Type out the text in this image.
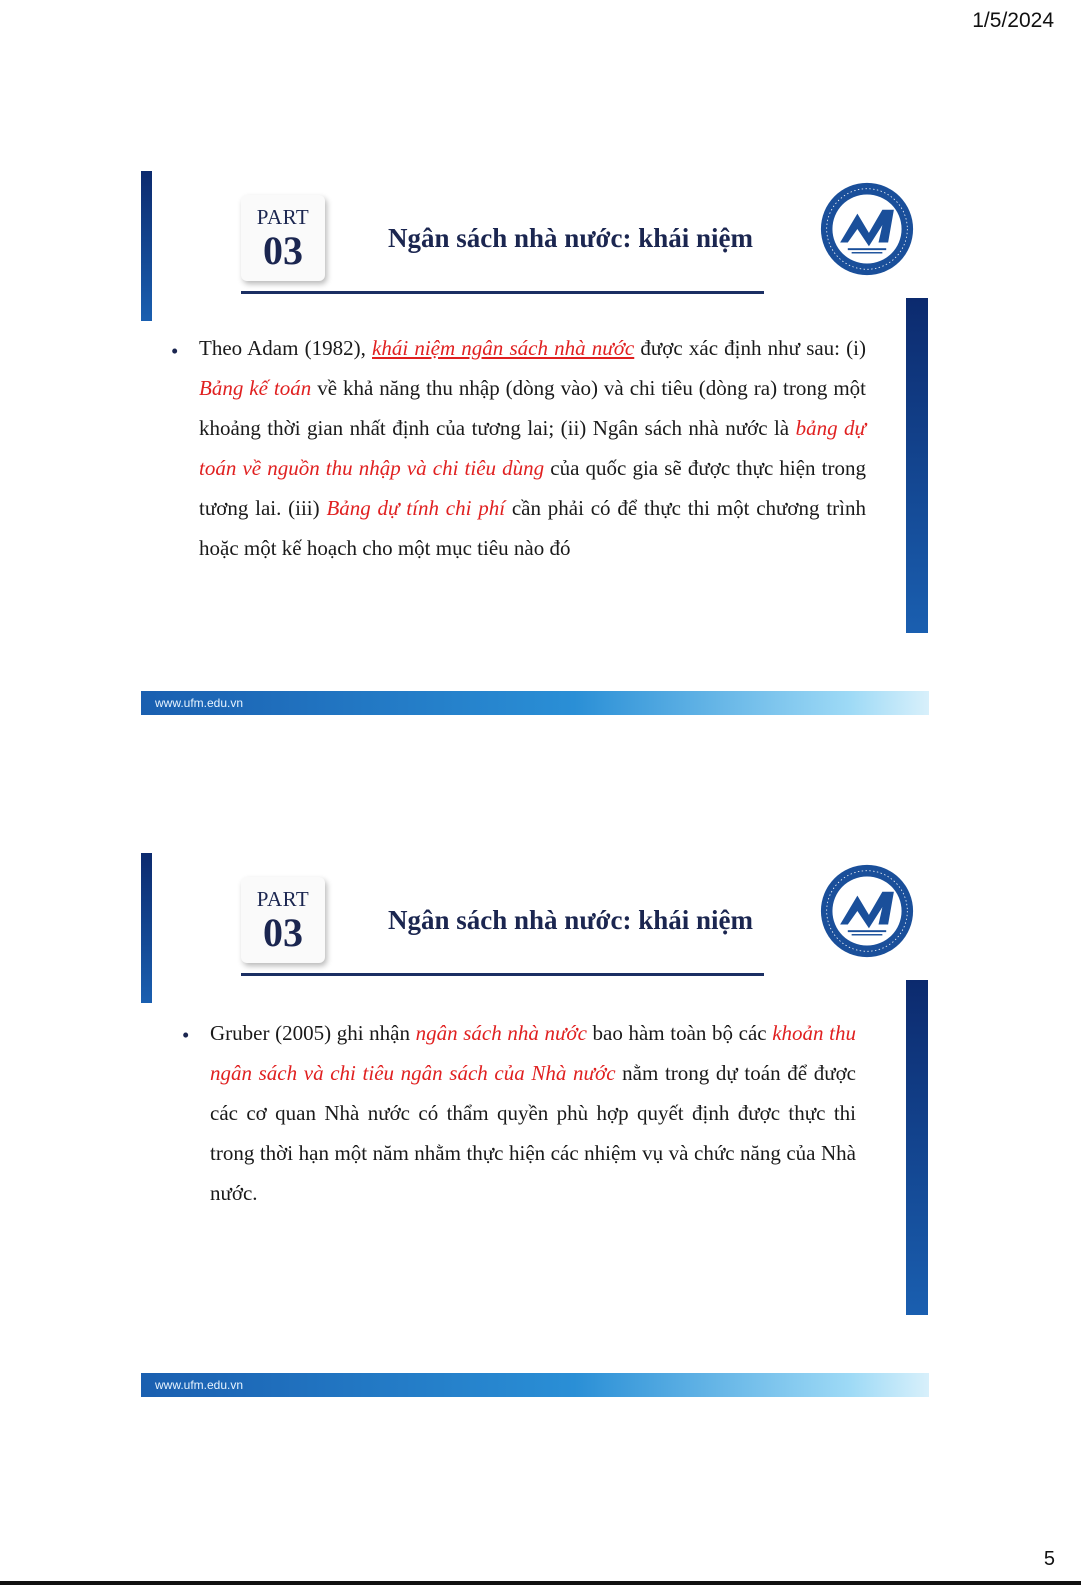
1/5/2024
PART
03	Ngân sách nhà nước: khái niệm
• Theo Adam (1982), khái niệm ngân sách nhà nước được xác định như sau: (i) Bảng kế toán về khả năng thu nhập (dòng vào) và chi tiêu (dòng ra) trong một khoảng thời gian nhất định của tương lai; (ii) Ngân sách nhà nước là bảng dự toán về nguồn thu nhập và chi tiêu dùng của quốc gia sẽ được thực hiện trong tương lai. (iii) Bảng dự tính chi phí cần phải có để thực thi một chương trình hoặc một kế hoạch cho một mục tiêu nào đó
www.ufm.edu.vn
PART
03	Ngân sách nhà nước: khái niệm
• Gruber (2005) ghi nhận ngân sách nhà nước bao hàm toàn bộ các khoản thu ngân sách và chi tiêu ngân sách của Nhà nước nằm trong dự toán để được các cơ quan Nhà nước có thẩm quyền phù hợp quyết định được thực thi trong thời hạn một năm nhằm thực hiện các nhiệm vụ và chức năng của Nhà nước.
www.ufm.edu.vn
5
